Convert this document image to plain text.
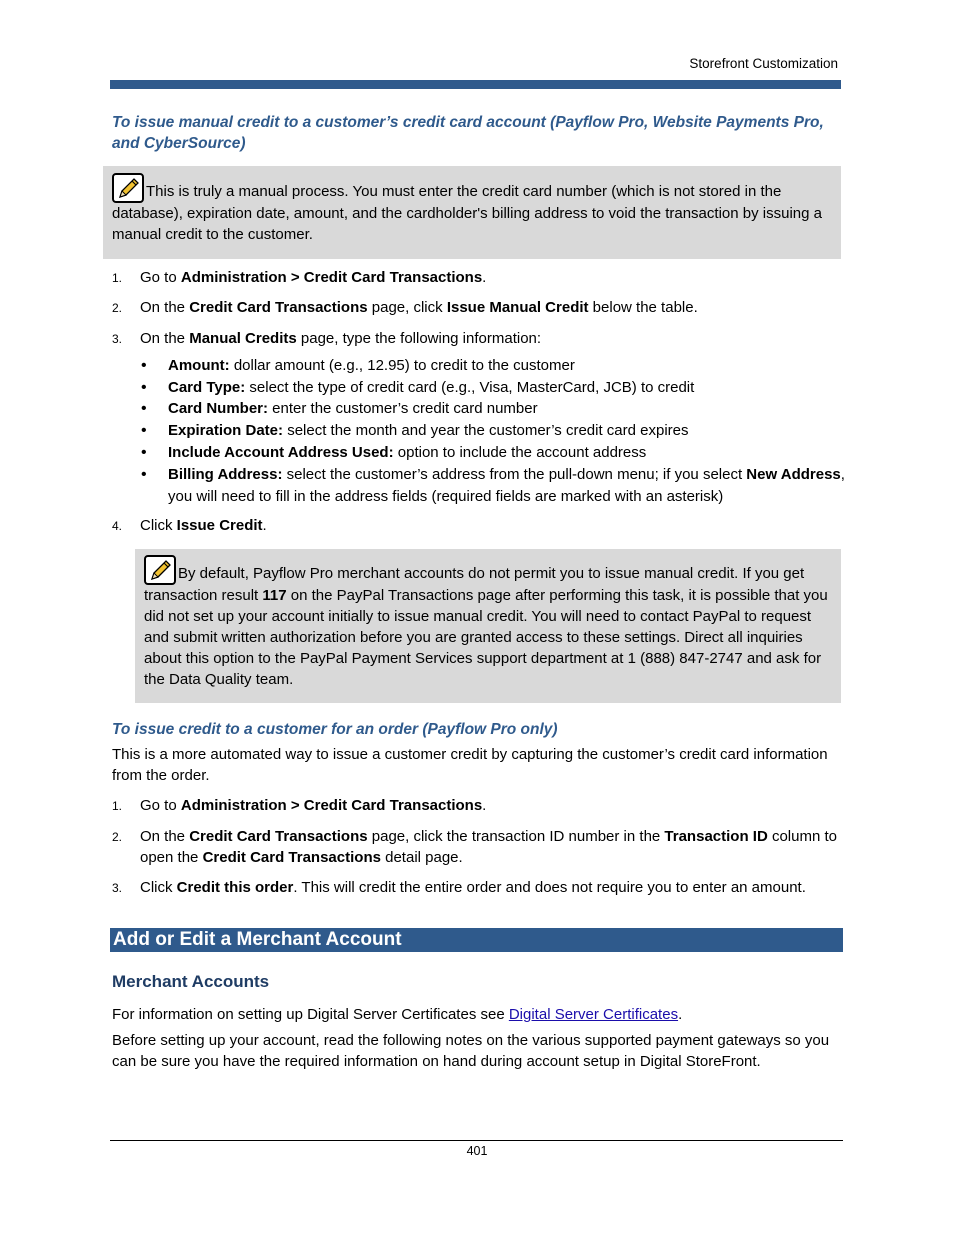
Storefront Customization
To issue manual credit to a customer’s credit card account (Payflow Pro, Website Payments Pro, and CyberSource)
This is truly a manual process. You must enter the credit card number (which is not stored in the database), expiration date, amount, and the cardholder's billing address to void the transaction by issuing a manual credit to the customer.
1. Go to Administration > Credit Card Transactions.
2. On the Credit Card Transactions page, click Issue Manual Credit below the table.
3. On the Manual Credits page, type the following information:
• Amount: dollar amount (e.g., 12.95) to credit to the customer
• Card Type: select the type of credit card (e.g., Visa, MasterCard, JCB) to credit
• Card Number: enter the customer’s credit card number
• Expiration Date: select the month and year the customer’s credit card expires
• Include Account Address Used: option to include the account address
• Billing Address: select the customer’s address from the pull-down menu; if you select New Address, you will need to fill in the address fields (required fields are marked with an asterisk)
4. Click Issue Credit.
By default, Payflow Pro merchant accounts do not permit you to issue manual credit. If you get transaction result 117 on the PayPal Transactions page after performing this task, it is possible that you did not set up your account initially to issue manual credit. You will need to contact PayPal to request and submit written authorization before you are granted access to these settings. Direct all inquiries about this option to the PayPal Payment Services support department at 1 (888) 847-2747 and ask for the Data Quality team.
To issue credit to a customer for an order (Payflow Pro only)
This is a more automated way to issue a customer credit by capturing the customer’s credit card information from the order.
1. Go to Administration > Credit Card Transactions.
2. On the Credit Card Transactions page, click the transaction ID number in the Transaction ID column to open the Credit Card Transactions detail page.
3. Click Credit this order. This will credit the entire order and does not require you to enter an amount.
Add or Edit a Merchant Account
Merchant Accounts
For information on setting up Digital Server Certificates see Digital Server Certificates.
Before setting up your account, read the following notes on the various supported payment gateways so you can be sure you have the required information on hand during account setup in Digital StoreFront.
401
